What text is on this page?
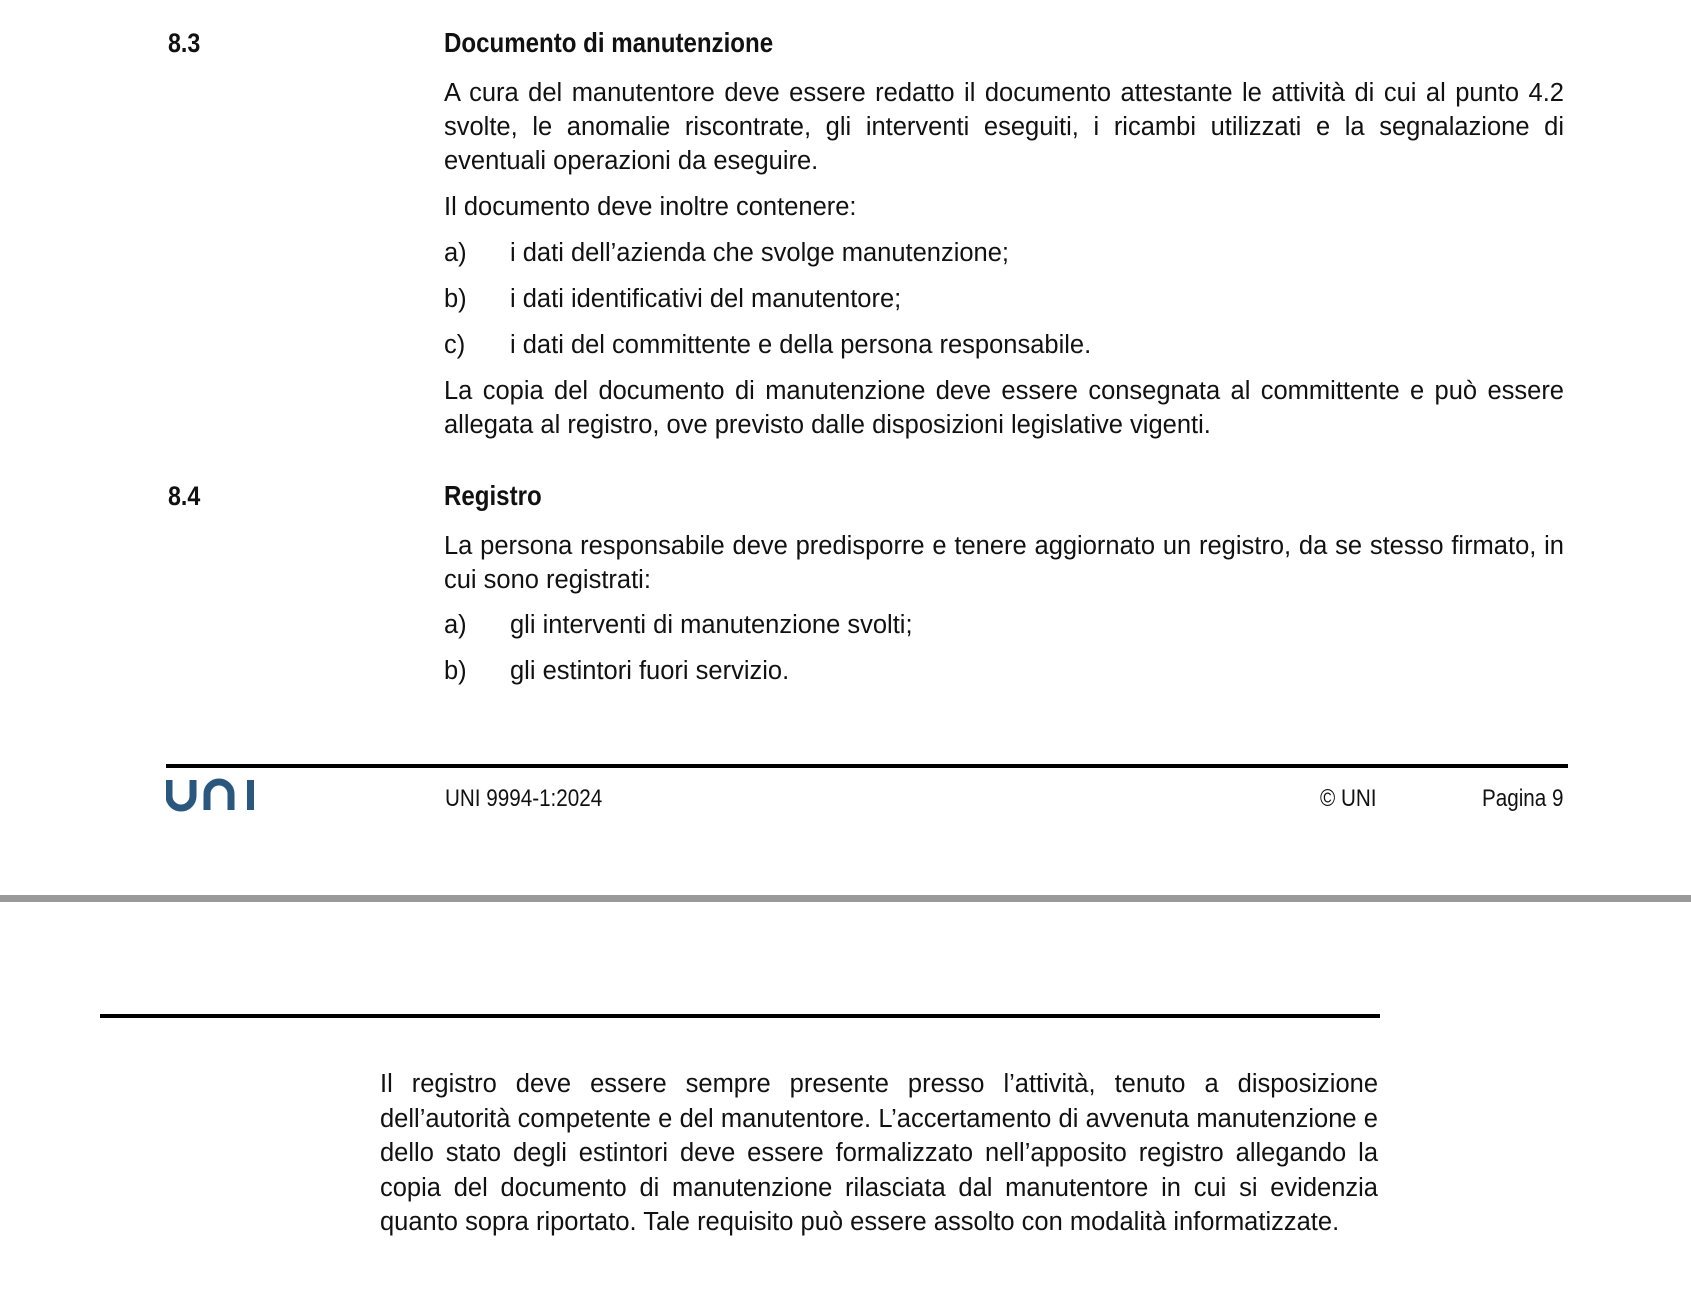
8.3	Documento di manutenzione
A cura del manutentore deve essere redatto il documento attestante le attività di cui al punto 4.2 svolte, le anomalie riscontrate, gli interventi eseguiti, i ricambi utilizzati e la segnalazione di eventuali operazioni da eseguire.
Il documento deve inoltre contenere:
a) i dati dell’azienda che svolge manutenzione;
b) i dati identificativi del manutentore;
c) i dati del committente e della persona responsabile.
La copia del documento di manutenzione deve essere consegnata al committente e può essere allegata al registro, ove previsto dalle disposizioni legislative vigenti.
8.4	Registro
La persona responsabile deve predisporre e tenere aggiornato un registro, da se stesso firmato, in cui sono registrati:
a) gli interventi di manutenzione svolti;
b) gli estintori fuori servizio.
UNI 9994-1:2024	© UNI	Pagina 9
Il registro deve essere sempre presente presso l’attività, tenuto a disposizione dell’autorità competente e del manutentore. L’accertamento di avvenuta manutenzione e dello stato degli estintori deve essere formalizzato nell’apposito registro allegando la copia del documento di manutenzione rilasciata dal manutentore in cui si evidenzia quanto sopra riportato. Tale requisito può essere assolto con modalità informatizzate.
